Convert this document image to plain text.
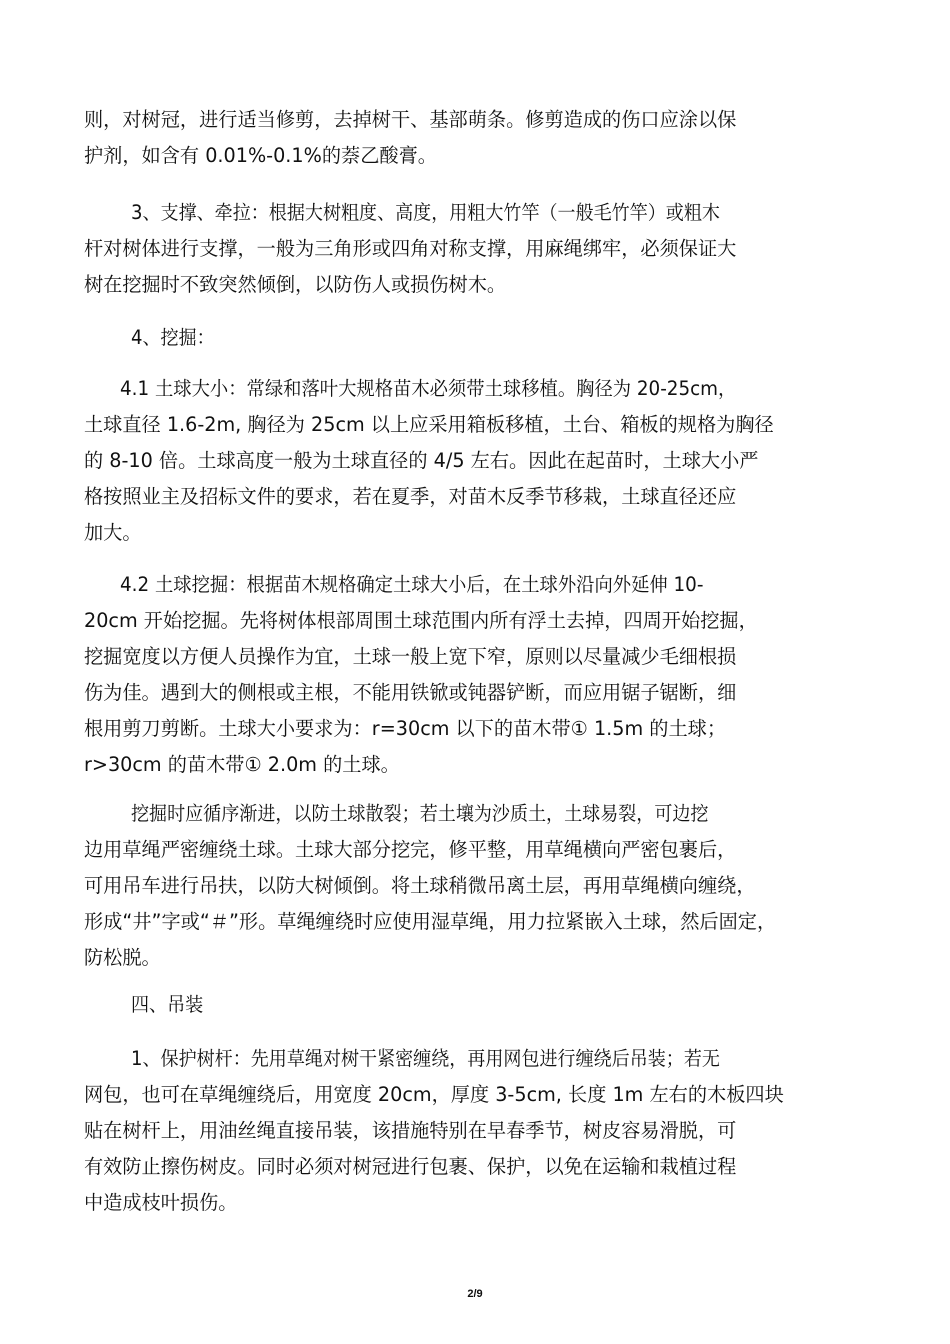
则，对树冠，进行适当修剪，去掉树干、基部萌条。修剪造成的伤口应涂以保
护剂，如含有 0.01%-0.1%的萘乙酸膏。
3、支撑、牵拉：根据大树粗度、高度，用粗大竹竿（一般毛竹竿）或粗木
杆对树体进行支撑，一般为三角形或四角对称支撑，用麻绳绑牢，必须保证大
树在挖掘时不致突然倾倒，以防伤人或损伤树木。
4、挖掘：
4.1 土球大小：常绿和落叶大规格苗木必须带土球移植。胸径为 20-25cm，
土球直径 1.6-2m, 胸径为 25cm 以上应采用箱板移植，土台、箱板的规格为胸径
的 8-10 倍。土球高度一般为土球直径的 4/5 左右。因此在起苗时，土球大小严
格按照业主及招标文件的要求，若在夏季，对苗木反季节移栽，土球直径还应
加大。
4.2 土球挖掘：根据苗木规格确定土球大小后，在土球外沿向外延伸 10-
20cm 开始挖掘。先将树体根部周围土球范围内所有浮土去掉，四周开始挖掘，
挖掘宽度以方便人员操作为宜，土球一般上宽下窄，原则以尽量减少毛细根损
伤为佳。遇到大的侧根或主根，不能用铁锨或钝器铲断，而应用锯子锯断，细
根用剪刀剪断。土球大小要求为：r=30cm 以下的苗木带① 1.5m 的土球；
r>30cm 的苗木带① 2.0m 的土球。
挖掘时应循序渐进，以防土球散裂；若土壤为沙质土，土球易裂，可边挖
边用草绳严密缠绕土球。土球大部分挖完，修平整，用草绳横向严密包裹后，
可用吊车进行吊扶，以防大树倾倒。将土球稍微吊离土层，再用草绳横向缠绕，
形成“井”字或“＃”形。草绳缠绕时应使用湿草绳，用力拉紧嵌入土球，然后固定，
防松脱。
四、吊装
1、保护树杆：先用草绳对树干紧密缠绕，再用网包进行缠绕后吊装；若无
网包，也可在草绳缠绕后，用宽度 20cm，厚度 3-5cm, 长度 1m 左右的木板四块
贴在树杆上，用油丝绳直接吊装，该措施特别在早春季节，树皮容易滑脱，可
有效防止擦伤树皮。同时必须对树冠进行包裹、保护，以免在运输和栽植过程
中造成枝叶损伤。
2/9
